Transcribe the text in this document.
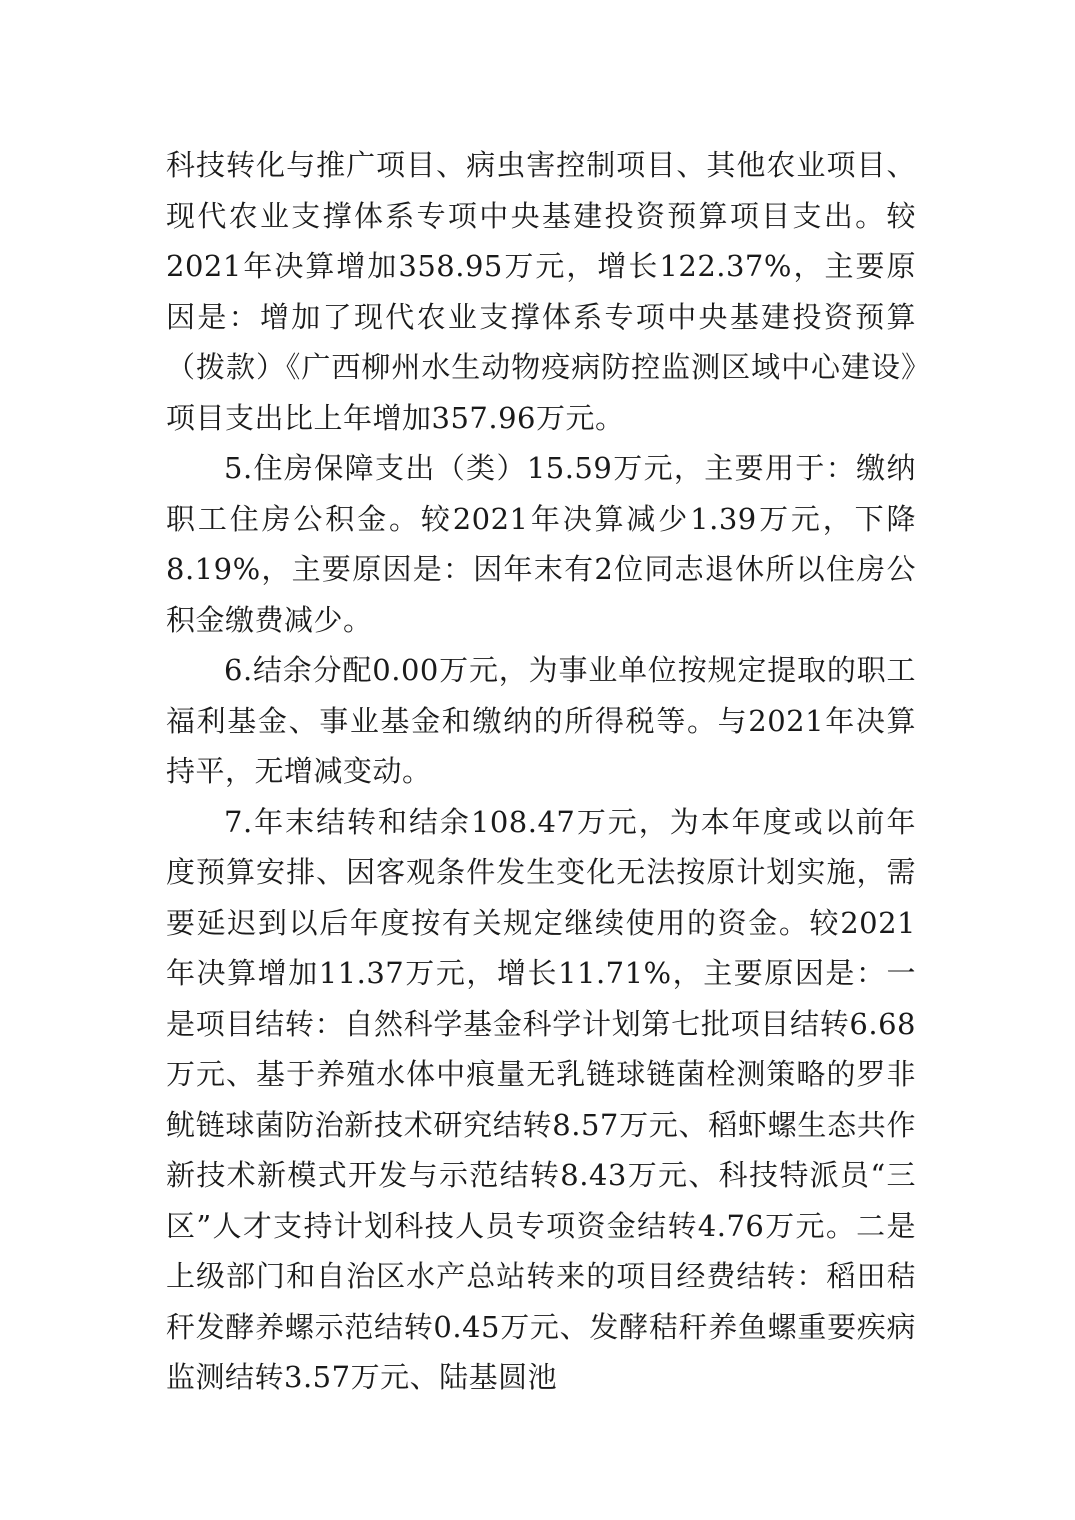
科技转化与推广项目、病虫害控制项目、其他农业项目、现代农业支撑体系专项中央基建投资预算项目支出。较2021年决算增加358.95万元，增长122.37%，主要原因是：增加了现代农业支撑体系专项中央基建投资预算（拨款）《广西柳州水生动物疫病防控监测区域中心建设》项目支出比上年增加357.96万元。

5.住房保障支出（类）15.59万元，主要用于：缴纳职工住房公积金。较2021年决算减少1.39万元，下降8.19%，主要原因是：因年末有2位同志退休所以住房公积金缴费减少。

6.结余分配0.00万元，为事业单位按规定提取的职工福利基金、事业基金和缴纳的所得税等。与2021年决算持平，无增减变动。

7.年末结转和结余108.47万元，为本年度或以前年度预算安排、因客观条件发生变化无法按原计划实施，需要延迟到以后年度按有关规定继续使用的资金。较2021年决算增加11.37万元，增长11.71%，主要原因是：一是项目结转：自然科学基金科学计划第七批项目结转6.68万元、基于养殖水体中痕量无乳链球链菌栓测策略的罗非鱿链球菌防治新技术研究结转8.57万元、稻虾螺生态共作新技术新模式开发与示范结转8.43万元、科技特派员“三区”人才支持计划科技人员专项资金结转4.76万元。二是上级部门和自治区水产总站转来的项目经费结转：稻田秸秆发酵养螺示范结转0.45万元、发酵秸秆养鱼螺重要疾病监测结转3.57万元、陆基圆池
